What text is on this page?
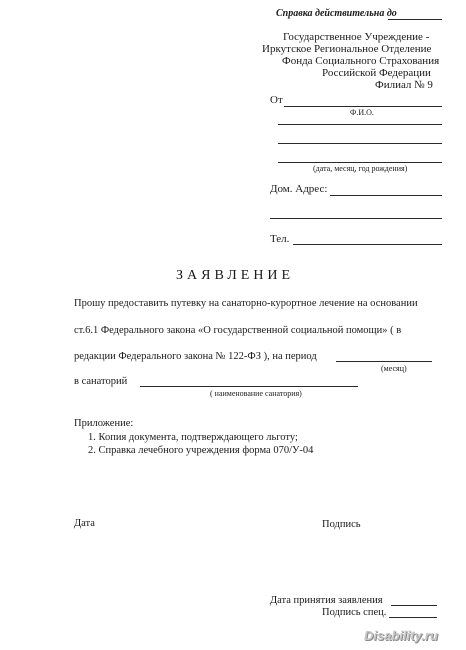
Справка действительна до
Государственное Учреждение -
Иркутское Региональное Отделение
Фонда Социального Страхования
Российской Федерации
Филиал № 9
От
Ф.И.О.
(дата, месяц, год рождения)
Дом. Адрес:
Тел.
ЗАЯВЛЕНИЕ
Прошу предоставить путевку на санаторно-курортное лечение на основании
ст.6.1 Федерального закона «О государственной социальной помощи» ( в
редакции Федерального закона № 122-ФЗ ), на период
(месяц)
в санаторий
( наименование санатория)
Приложение:
1. Копия документа, подтверждающего льготу;
2. Справка лечебного учреждения форма 070/У-04
Дата	Подпись
Дата принятия заявления
Подпись спец.
Disability.ru
